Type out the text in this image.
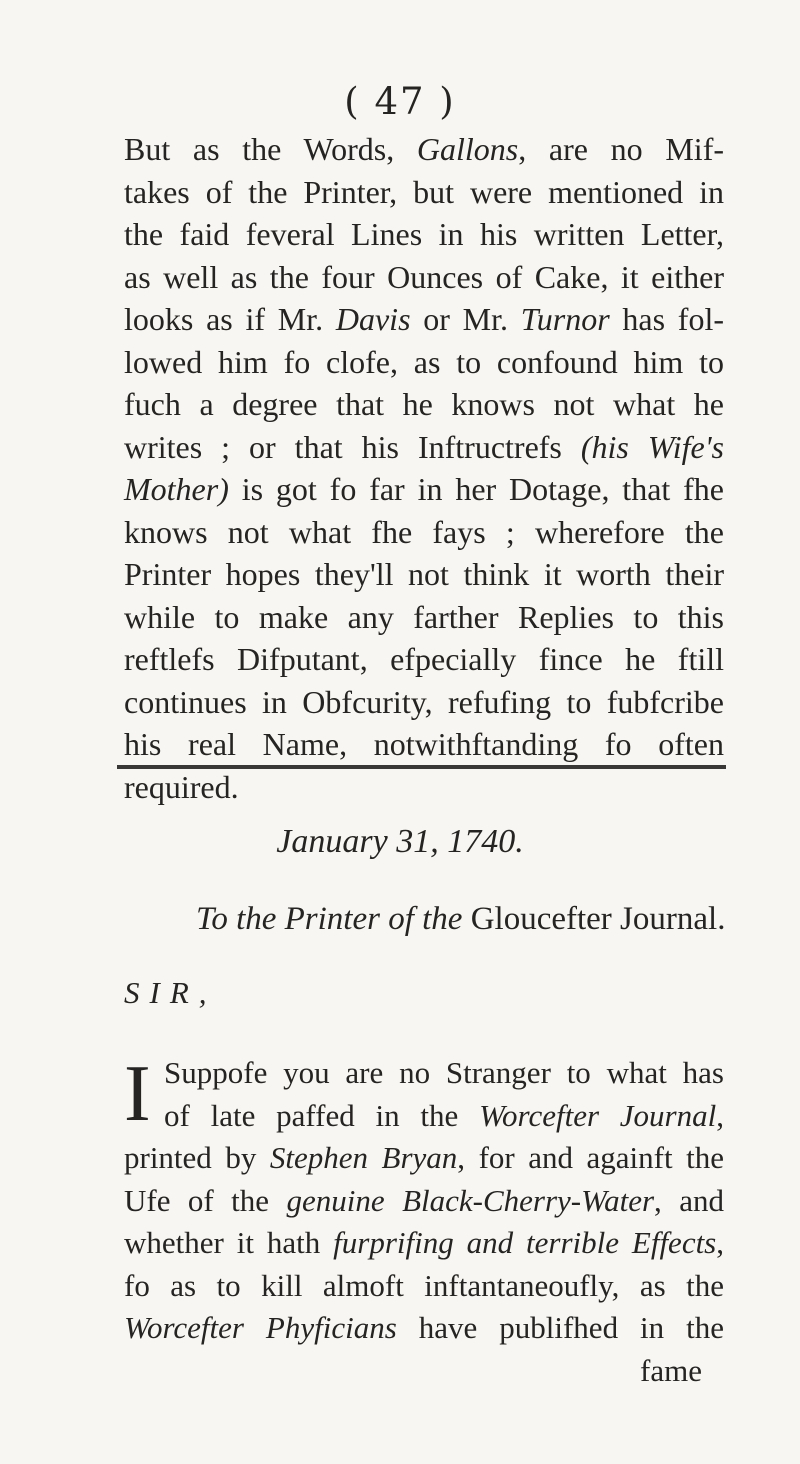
( 47 )
But as the Words, Gallons, are no Mif-
takes of the Printer, but were mentioned in
the faid feveral Lines in his written Letter,
as well as the four Ounces of Cake, it either
looks as if Mr. Davis or Mr. Turnor has fol-
lowed him fo clofe, as to confound him to
fuch a degree that he knows not what he
writes ; or that his Inftructrefs (his Wife's
Mother) is got fo far in her Dotage, that fhe
knows not what fhe fays ; wherefore the
Printer hopes they'll not think it worth their
while to make any farther Replies to this
reftlefs Difputant, efpecially fince he ftill
continues in Obfcurity, refufing to fubfcribe
his real Name, notwithftanding fo often
required.
January 31, 1740.
To the Printer of the Gloucefter Journal.
SIR,
I Suppofe you are no Stranger to what has
of late paffed in the Worcefter Journal,
printed by Stephen Bryan, for and againft the
Ufe of the genuine Black-Cherry-Water, and
whether it hath furprifing and terrible Effects,
fo as to kill almoft inftantaneoufly, as the
Worcefter Phyficians have publifhed in the
fame
